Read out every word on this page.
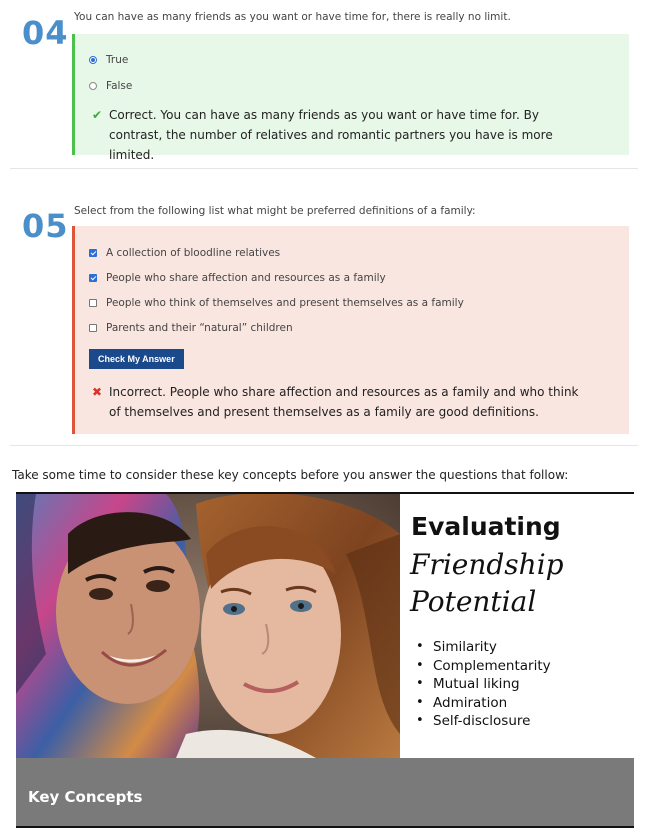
04 You can have as many friends as you want or have time for, there is really no limit.
True
False
✔ Correct. You can have as many friends as you want or have time for. By contrast, the number of relatives and romantic partners you have is more limited.
05 Select from the following list what might be preferred definitions of a family:
A collection of bloodline relatives
People who share affection and resources as a family
People who think of themselves and present themselves as a family
Parents and their “natural” children
Check My Answer
✖ Incorrect. People who share affection and resources as a family and who think of themselves and present themselves as a family are good definitions.
Take some time to consider these key concepts before you answer the questions that follow:
Evaluating
Friendship
Potential
• Similarity
• Complementarity
• Mutual liking
• Admiration
• Self-disclosure
Key Concepts
